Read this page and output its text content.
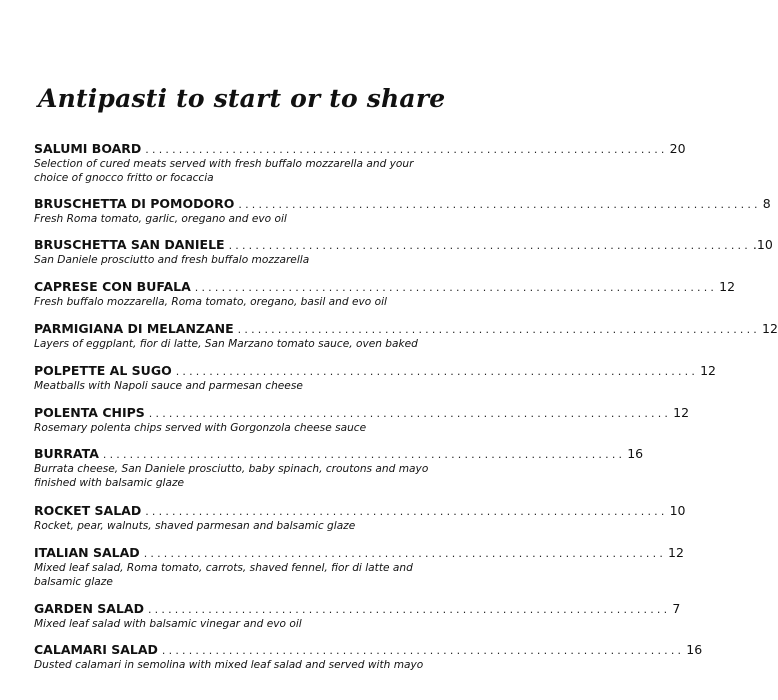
Antipasti to start or to share
SALUMI BOARD .............................................................................. 20
Selection of cured meats served with fresh buffalo mozzarella and your choice of gnocco fritto or focaccia
BRUSCHETTA DI POMODORO .............................................................................. 8
Fresh Roma tomato, garlic, oregano and evo oil
BRUSCHETTA SAN DANIELE .............................................................................. .10
San Daniele prosciutto and fresh buffalo mozzarella
CAPRESE CON BUFALA .............................................................................. 12
Fresh buffalo mozzarella, Roma tomato, oregano, basil and evo oil
PARMIGIANA DI MELANZANE .............................................................................. 12
Layers of eggplant, fior di latte, San Marzano tomato sauce, oven baked
POLPETTE AL SUGO .............................................................................. 12
Meatballs with Napoli sauce and parmesan cheese
POLENTA CHIPS .............................................................................. 12
Rosemary polenta chips served with Gorgonzola cheese sauce
BURRATA .............................................................................. 16
Burrata cheese, San Daniele prosciutto, baby spinach, croutons and mayo finished with balsamic glaze
ROCKET SALAD .............................................................................. 10
Rocket, pear, walnuts, shaved parmesan and balsamic glaze
ITALIAN SALAD .............................................................................. 12
Mixed leaf salad, Roma tomato, carrots, shaved fennel, fior di latte and balsamic glaze
GARDEN SALAD .............................................................................. 7
Mixed leaf salad with balsamic vinegar and evo oil
CALAMARI SALAD .............................................................................. 16
Dusted calamari in semolina with mixed leaf salad and served with mayo
